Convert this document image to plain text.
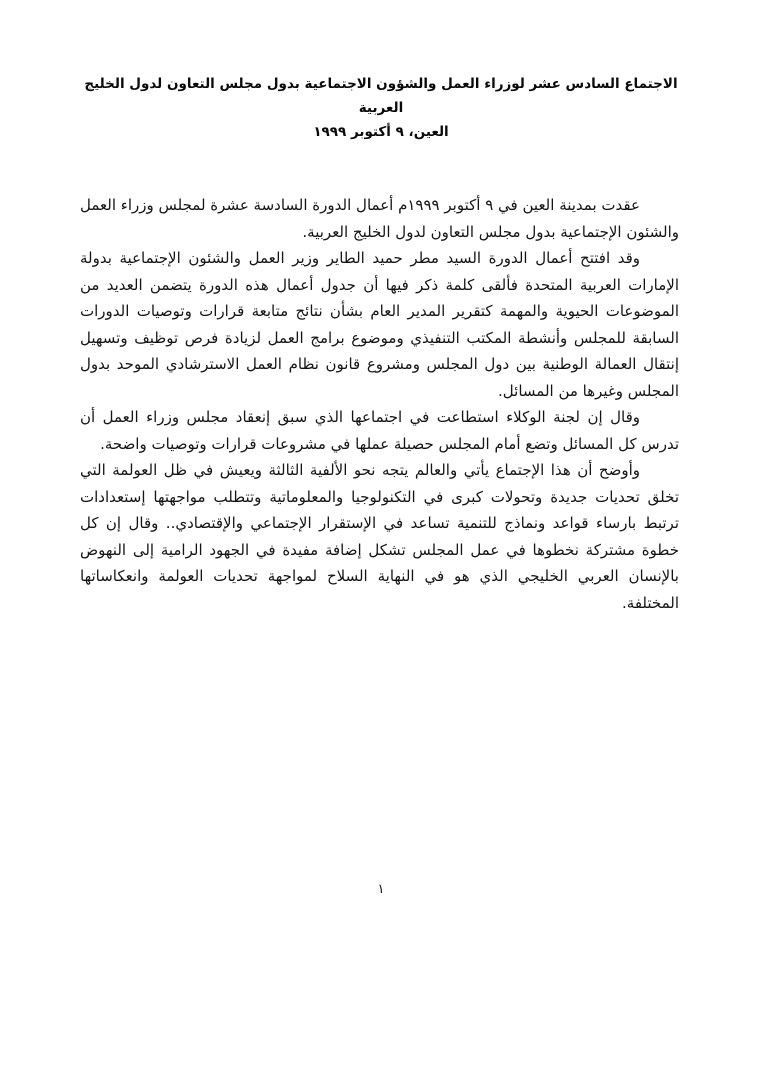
الاجتماع السادس عشر لوزراء العمل والشؤون الاجتماعية بدول مجلس التعاون لدول الخليج العربية
العين، ٩ أكتوبر ١٩٩٩

عقدت بمدينة العين في ٩ أكتوبر ١٩٩٩م أعمال الدورة السادسة عشرة لمجلس وزراء العمل والشئون الإجتماعية بدول مجلس التعاون لدول الخليج العربية.

وقد افتتح أعمال الدورة السيد مطر حميد الطاير وزير العمل والشئون الإجتماعية بدولة الإمارات العربية المتحدة فألقى كلمة ذكر فيها أن جدول أعمال هذه الدورة يتضمن العديد من الموضوعات الحيوية والمهمة كتقرير المدير العام بشأن نتائج متابعة قرارات وتوصيات الدورات السابقة للمجلس وأنشطة المكتب التنفيذي وموضوع برامج العمل لزيادة فرص توظيف وتسهيل إنتقال العمالة الوطنية بين دول المجلس ومشروع قانون نظام العمل الاسترشادي الموحد بدول المجلس وغيرها من المسائل.

وقال إن لجنة الوكلاء استطاعت في اجتماعها الذي سبق إنعقاد مجلس وزراء العمل أن تدرس كل المسائل وتضع أمام المجلس حصيلة عملها في مشروعات قرارات وتوصيات واضحة.

وأوضح أن هذا الإجتماع يأتي والعالم يتجه نحو الألفية الثالثة ويعيش في ظل العولمة التي تخلق تحديات جديدة وتحولات كبرى في التكنولوجيا والمعلوماتية وتتطلب مواجهتها إستعدادات ترتبط بارساء قواعد ونماذج للتنمية تساعد في الإستقرار الإجتماعي والإقتصادي.. وقال إن كل خطوة مشتركة نخطوها في عمل المجلس تشكل إضافة مفيدة في الجهود الرامية إلى النهوض بالإنسان العربي الخليجي الذي هو في النهاية السلاح لمواجهة تحديات العولمة وانعكاساتها المختلفة.

١
